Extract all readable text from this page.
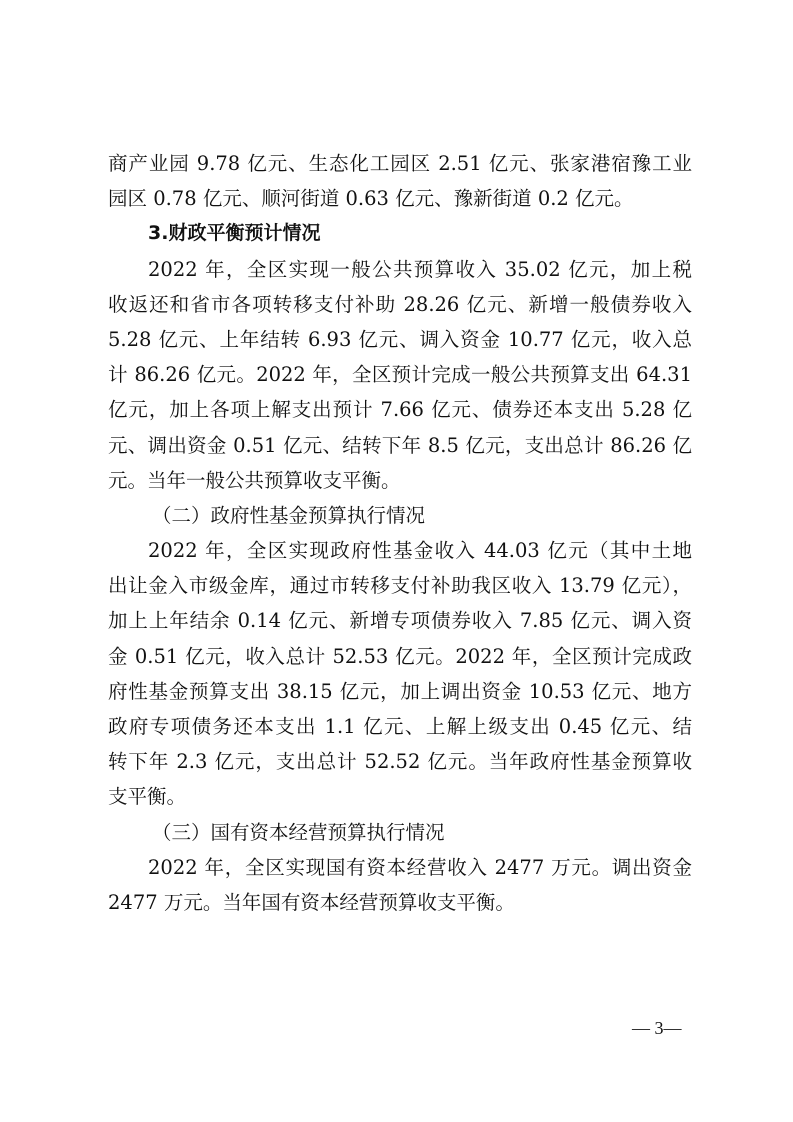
商产业园 9.78 亿元、生态化工园区 2.51 亿元、张家港宿豫工业
园区 0.78 亿元、顺河街道 0.63 亿元、豫新街道 0.2 亿元。
3.财政平衡预计情况
2022 年，全区实现一般公共预算收入 35.02 亿元，加上税
收返还和省市各项转移支付补助 28.26 亿元、新增一般债券收入
5.28 亿元、上年结转 6.93 亿元、调入资金 10.77 亿元，收入总
计 86.26 亿元。2022 年，全区预计完成一般公共预算支出 64.31
亿元，加上各项上解支出预计 7.66 亿元、债券还本支出 5.28 亿
元、调出资金 0.51 亿元、结转下年 8.5 亿元，支出总计 86.26 亿
元。当年一般公共预算收支平衡。
（二）政府性基金预算执行情况
2022 年，全区实现政府性基金收入 44.03 亿元（其中土地
出让金入市级金库，通过市转移支付补助我区收入 13.79 亿元），
加上上年结余 0.14 亿元、新增专项债券收入 7.85 亿元、调入资
金 0.51 亿元，收入总计 52.53 亿元。2022 年，全区预计完成政
府性基金预算支出 38.15 亿元，加上调出资金 10.53 亿元、地方
政府专项债务还本支出 1.1 亿元、上解上级支出 0.45 亿元、结
转下年 2.3 亿元，支出总计 52.52 亿元。当年政府性基金预算收
支平衡。
（三）国有资本经营预算执行情况
2022 年，全区实现国有资本经营收入 2477 万元。调出资金
2477 万元。当年国有资本经营预算收支平衡。
— 3—
